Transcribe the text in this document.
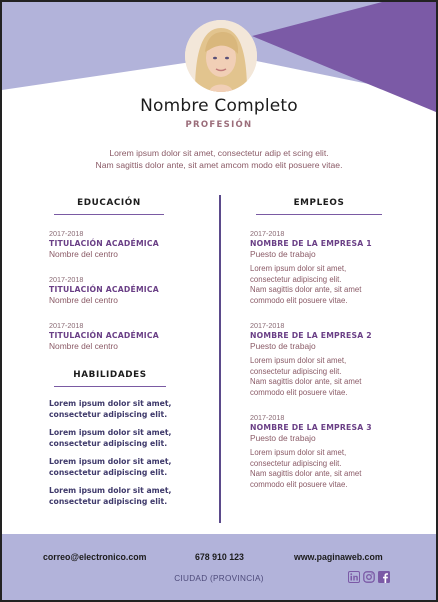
Nombre Completo
PROFESIÓN
Lorem ipsum dolor sit amet, consectetur adip et scing elit.
Nam sagittis dolor ante, sit amet amcom modo elit posuere vitae.
EDUCACIÓN
2017-2018
TITULACIÓN ACADÉMICA
Nombre del centro
2017-2018
TITULACIÓN ACADÉMICA
Nombre del centro
2017-2018
TITULACIÓN ACADÉMICA
Nombre del centro
HABILIDADES
Lorem ipsum dolor sit amet,
consectetur adipiscing elit.
Lorem ipsum dolor sit amet,
consectetur adipiscing elit.
Lorem ipsum dolor sit amet,
consectetur adipiscing elit.
Lorem ipsum dolor sit amet,
consectetur adipiscing elit.
EMPLEOS
2017-2018
NOMBRE DE LA EMPRESA 1
Puesto de trabajo
Lorem ipsum dolor sit amet,
consectetur adipiscing elit.
Nam sagittis dolor ante, sit amet
commodo elit posuere vitae.
2017-2018
NOMBRE DE LA EMPRESA 2
Puesto de trabajo
Lorem ipsum dolor sit amet,
consectetur adipiscing elit.
Nam sagittis dolor ante, sit amet
commodo elit posuere vitae.
2017-2018
NOMBRE DE LA EMPRESA 3
Puesto de trabajo
Lorem ipsum dolor sit amet,
consectetur adipiscing elit.
Nam sagittis dolor ante, sit amet
commodo elit posuere vitae.
correo@electronico.com	678 910 123	www.paginaweb.com
CIUDAD (PROVINCIA)
